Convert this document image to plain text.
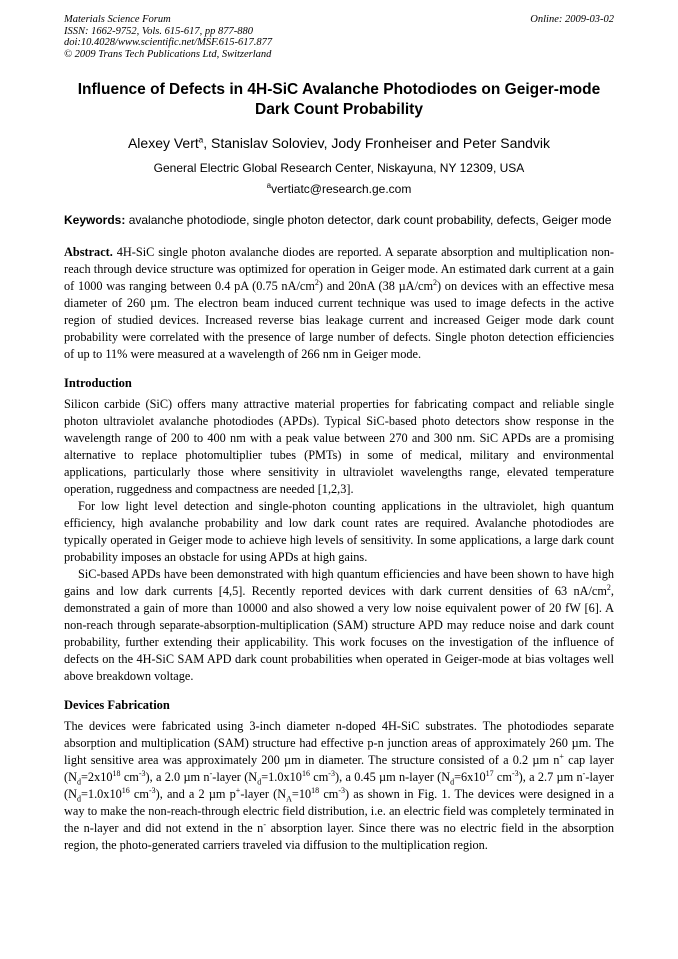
Materials Science Forum
ISSN: 1662-9752, Vols. 615-617, pp 877-880
doi:10.4028/www.scientific.net/MSF.615-617.877
© 2009 Trans Tech Publications Ltd, Switzerland
Online: 2009-03-02
Influence of Defects in 4H-SiC Avalanche Photodiodes on Geiger-mode Dark Count Probability
Alexey Vert$^a$, Stanislav Soloviev, Jody Fronheiser and Peter Sandvik
General Electric Global Research Center, Niskayuna, NY 12309, USA
$^a$vertiatc@research.ge.com
Keywords: avalanche photodiode, single photon detector, dark count probability, defects, Geiger mode
Abstract. 4H-SiC single photon avalanche diodes are reported. A separate absorption and multiplication non-reach through device structure was optimized for operation in Geiger mode. An estimated dark current at a gain of 1000 was ranging between 0.4 pA (0.75 $nA/cm^2$) and 20nA (38 $\mu A/cm^2$) on devices with an effective mesa diameter of 260 µm. The electron beam induced current technique was used to image defects in the active region of studied devices. Increased reverse bias leakage current and increased Geiger mode dark count probability were correlated with the presence of large number of defects. Single photon detection efficiencies of up to 11% were measured at a wavelength of 266 nm in Geiger mode.
Introduction
Silicon carbide (SiC) offers many attractive material properties for fabricating compact and reliable single photon ultraviolet avalanche photodiodes (APDs). Typical SiC-based photo detectors show response in the wavelength range of 200 to 400 nm with a peak value between 270 and 300 nm. SiC APDs are a promising alternative to replace photomultiplier tubes (PMTs) in some of medical, military and environmental applications, particularly those where sensitivity in ultraviolet wavelengths range, elevated temperature operation, ruggedness and compactness are needed [1,2,3].
For low light level detection and single-photon counting applications in the ultraviolet, high quantum efficiency, high avalanche probability and low dark count rates are required. Avalanche photodiodes are typically operated in Geiger mode to achieve high levels of sensitivity. In some applications, a large dark count probability imposes an obstacle for using APDs at high gains.
SiC-based APDs have been demonstrated with high quantum efficiencies and have been shown to have high gains and low dark currents [4,5]. Recently reported devices with dark current densities of 63 $nA/cm^2$, demonstrated a gain of more than 10000 and also showed a very low noise equivalent power of 20 fW [6]. A non-reach through separate-absorption-multiplication (SAM) structure APD may reduce noise and dark count probability, further extending their applicability. This work focuses on the investigation of the influence of defects on the 4H-SiC SAM APD dark count probabilities when operated in Geiger-mode at bias voltages well above breakdown voltage.
Devices Fabrication
The devices were fabricated using 3-inch diameter n-doped 4H-SiC substrates. The photodiodes separate absorption and multiplication (SAM) structure had effective p-n junction areas of approximately 260 µm. The light sensitive area was approximately 200 µm in diameter. The structure consisted of a 0.2 µm n+ cap layer ($N_d=2x10^{18}$ $cm^{-3}$), a 2.0 µm n--layer ($N_d=1.0x10^{16}$ $cm^{-3}$), a 0.45 µm n-layer ($N_d=6x10^{17}$ $cm^{-3}$), a 2.7 µm n--layer ($N_d=1.0x10^{16}$ $cm^{-3}$), and a 2 µm p+-layer ($N_A=10^{18}$ $cm^{-3}$) as shown in Fig. 1. The devices were designed in a way to make the non-reach-through electric field distribution, i.e. an electric field was completely terminated in the n-layer and did not extend in the n- absorption layer. Since there was no electric field in the absorption region, the photo-generated carriers traveled via diffusion to the multiplication region.
